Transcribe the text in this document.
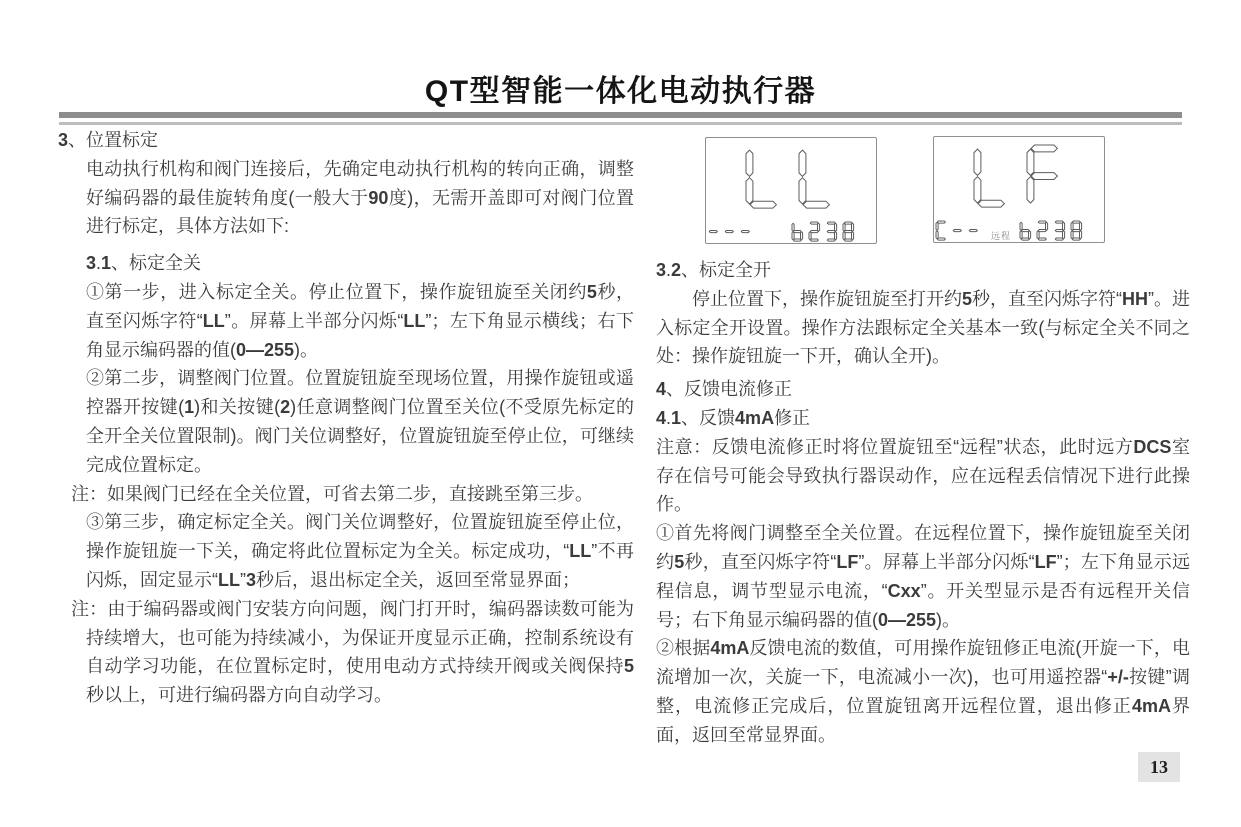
QT型智能一体化电动执行器

3、位置标定

电动执行机构和阀门连接后，先确定电动执行机构的转向正确，调整好编码器的最佳旋转角度(一般大于90度)，无需开盖即可对阀门位置进行标定，具体方法如下:

3.1、标定全关

①第一步，进入标定全关。停止位置下，操作旋钮旋至关闭约5秒，直至闪烁字符“LL”。屏幕上半部分闪烁“LL”；左下角显示横线；右下角显示编码器的值(0—255)。

②第二步，调整阀门位置。位置旋钮旋至现场位置，用操作旋钮或遥控器开按键(1)和关按键(2)任意调整阀门位置至关位(不受原先标定的全开全关位置限制)。阀门关位调整好，位置旋钮旋至停止位，可继续完成位置标定。

注：如果阀门已经在全关位置，可省去第二步，直接跳至第三步。

③第三步，确定标定全关。阀门关位调整好，位置旋钮旋至停止位，操作旋钮旋一下关，确定将此位置标定为全关。标定成功，“LL”不再闪烁，固定显示“LL”3秒后，退出标定全关，返回至常显界面；

注：由于编码器或阀门安装方向问题，阀门打开时，编码器读数可能为持续增大，也可能为持续减小，为保证开度显示正确，控制系统设有自动学习功能，在位置标定时，使用电动方式持续开阀或关阀保持5秒以上，可进行编码器方向自动学习。

远程

3.2、标定全开

停止位置下，操作旋钮旋至打开约5秒，直至闪烁字符“HH”。进入标定全开设置。操作方法跟标定全关基本一致(与标定全关不同之处：操作旋钮旋一下开，确认全开)。

4、反馈电流修正

4.1、反馈4mA修正

注意：反馈电流修正时将位置旋钮至“远程”状态，此时远方DCS室存在信号可能会导致执行器误动作，应在远程丢信情况下进行此操作。

①首先将阀门调整至全关位置。在远程位置下，操作旋钮旋至关闭约5秒，直至闪烁字符“LF”。屏幕上半部分闪烁“LF”；左下角显示远程信息，调节型显示电流，“Cxx”。开关型显示是否有远程开关信号；右下角显示编码器的值(0—255)。

②根据4mA反馈电流的数值，可用操作旋钮修正电流(开旋一下，电流增加一次，关旋一下，电流减小一次)，也可用遥控器“+/-按键”调整，电流修正完成后，位置旋钮离开远程位置，退出修正4mA界面，返回至常显界面。

13
